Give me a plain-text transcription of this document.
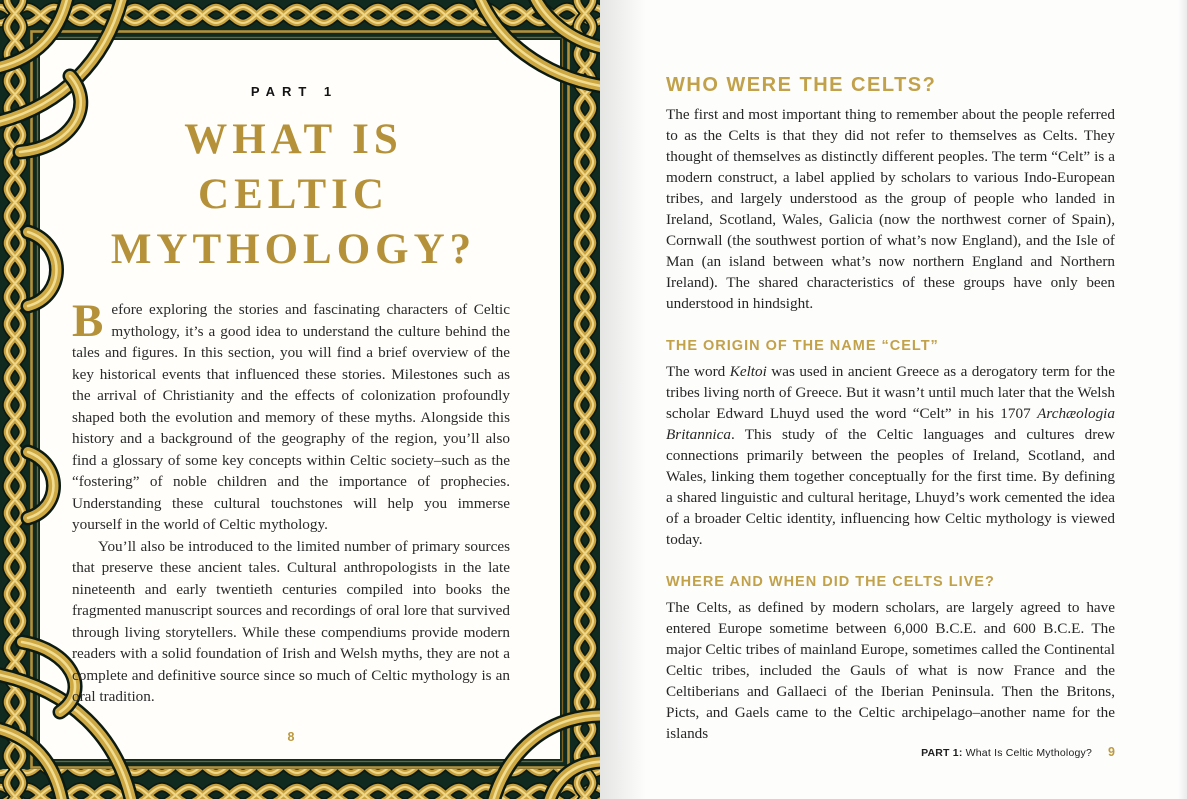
PART 1
WHAT IS
CELTIC
MYTHOLOGY?

Before exploring the stories and fascinating characters of Celtic mythology, it’s a good idea to understand the culture behind the tales and figures. In this section, you will find a brief overview of the key historical events that influenced these stories. Milestones such as the arrival of Christianity and the effects of colonization profoundly shaped both the evolution and memory of these myths. Alongside this history and a background of the geography of the region, you’ll also find a glossary of some key concepts within Celtic society–such as the “fostering” of noble children and the importance of prophecies. Understanding these cultural touchstones will help you immerse yourself in the world of Celtic mythology.

You’ll also be introduced to the limited number of primary sources that preserve these ancient tales. Cultural anthropologists in the late nineteenth and early twentieth centuries compiled into books the fragmented manuscript sources and recordings of oral lore that survived through living storytellers. While these compendiums provide modern readers with a solid foundation of Irish and Welsh myths, they are not a complete and definitive source since so much of Celtic mythology is an oral tradition.

8
WHO WERE THE CELTS?

The first and most important thing to remember about the people referred to as the Celts is that they did not refer to themselves as Celts. They thought of themselves as distinctly different peoples. The term “Celt” is a modern construct, a label applied by scholars to various Indo-European tribes, and largely understood as the group of people who landed in Ireland, Scotland, Wales, Galicia (now the northwest corner of Spain), Cornwall (the southwest portion of what’s now England), and the Isle of Man (an island between what’s now northern England and Northern Ireland). The shared characteristics of these groups have only been understood in hindsight.

THE ORIGIN OF THE NAME “CELT”

The word Keltoi was used in ancient Greece as a derogatory term for the tribes living north of Greece. But it wasn’t until much later that the Welsh scholar Edward Lhuyd used the word “Celt” in his 1707 Archæologia Britannica. This study of the Celtic languages and cultures drew connections primarily between the peoples of Ireland, Scotland, and Wales, linking them together conceptually for the first time. By defining a shared linguistic and cultural heritage, Lhuyd’s work cemented the idea of a broader Celtic identity, influencing how Celtic mythology is viewed today.

WHERE AND WHEN DID THE CELTS LIVE?

The Celts, as defined by modern scholars, are largely agreed to have entered Europe sometime between 6,000 B.C.E. and 600 B.C.E. The major Celtic tribes of mainland Europe, sometimes called the Continental Celtic tribes, included the Gauls of what is now France and the Celtiberians and Gallaeci of the Iberian Peninsula. Then the Britons, Picts, and Gaels came to the Celtic archipelago–another name for the islands

PART 1: What Is Celtic Mythology? 9
